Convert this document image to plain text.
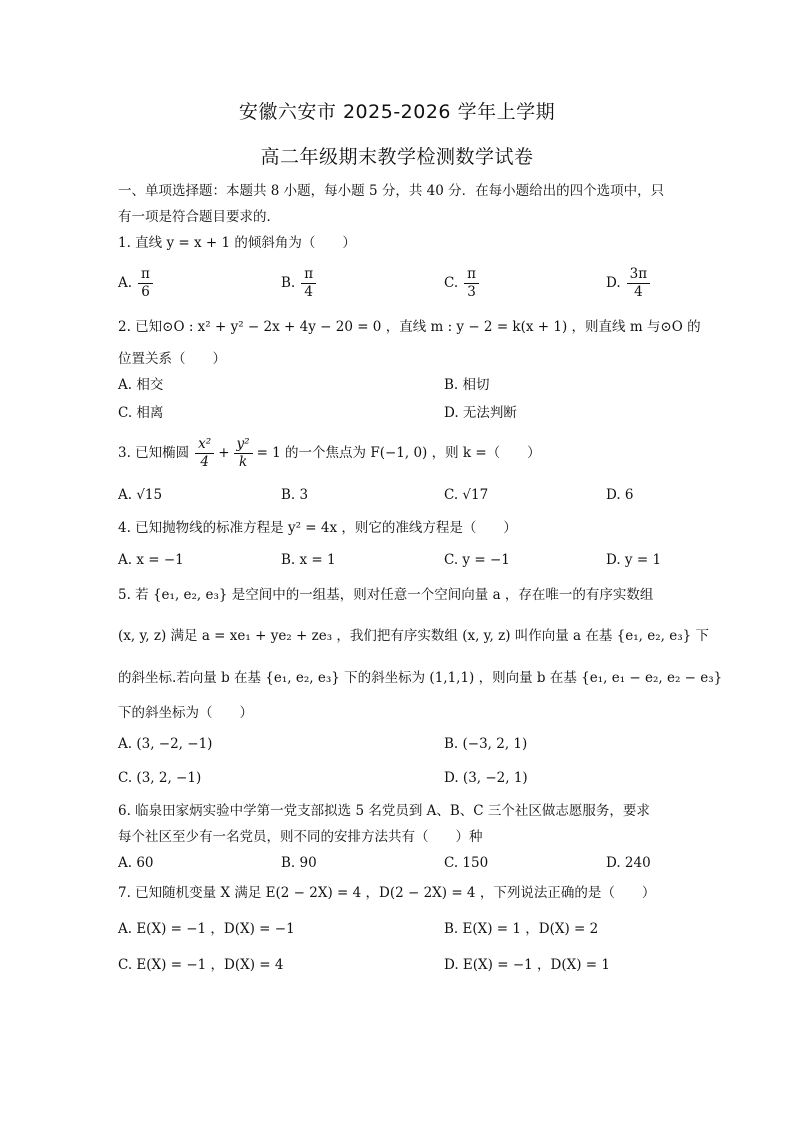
安徽六安市 2025-2026 学年上学期
高二年级期末教学检测数学试卷
一、单项选择题：本题共 8 小题，每小题 5 分，共 40 分．在每小题给出的四个选项中，只
有一项是符合题目要求的．
1. 直线 y = x + 1 的倾斜角为（　　）
A. $\frac{\pi}{6}$	B. $\frac{\pi}{4}$	C. $\frac{\pi}{3}$	D. $\frac{3\pi}{4}$
2. 已知⊙O : x² + y² − 2x + 4y − 20 = 0 ，直线 m : y − 2 = k(x + 1) ，则直线 m 与⊙O 的
位置关系（　　）
A. 相交	B. 相切
C. 相离	D. 无法判断
3. 已知椭圆 $\frac{\text{x²}}{4} + \frac{\text{y²}}{k} = 1$ 的一个焦点为 F(−1, 0) ，则 k =（　　）
A. √15	B. 3	C. √17	D. 6
4. 已知抛物线的标准方程是 y² = 4x ，则它的准线方程是（　　）
A. x = −1	B. x = 1	C. y = −1	D. y = 1
5. 若 {e₁, e₂, e₃} 是空间中的一组基，则对任意一个空间向量 a ，存在唯一的有序实数组
(x, y, z) 满足 a = xe₁ + ye₂ + ze₃ ，我们把有序实数组 (x, y, z) 叫作向量 a 在基 {e₁, e₂, e₃} 下
的斜坐标.若向量 b 在基 {e₁, e₂, e₃} 下的斜坐标为 (1,1,1) ，则向量 b 在基 {e₁, e₁ − e₂, e₂ − e₃}
下的斜坐标为（　　）
A. (3, −2, −1)	B. (−3, 2, 1)
C. (3, 2, −1)	D. (3, −2, 1)
6. 临泉田家炳实验中学第一党支部拟选 5 名党员到 A、B、C 三个社区做志愿服务，要求
每个社区至少有一名党员，则不同的安排方法共有（　　）种
A. 60	B. 90	C. 150	D. 240
7. 已知随机变量 X 满足 E(2 − 2X) = 4 ，D(2 − 2X) = 4 ，下列说法正确的是（　　）
A. E(X) = −1 ，D(X) = −1	B. E(X) = 1 ，D(X) = 2
C. E(X) = −1 ，D(X) = 4	D. E(X) = −1 ，D(X) = 1
